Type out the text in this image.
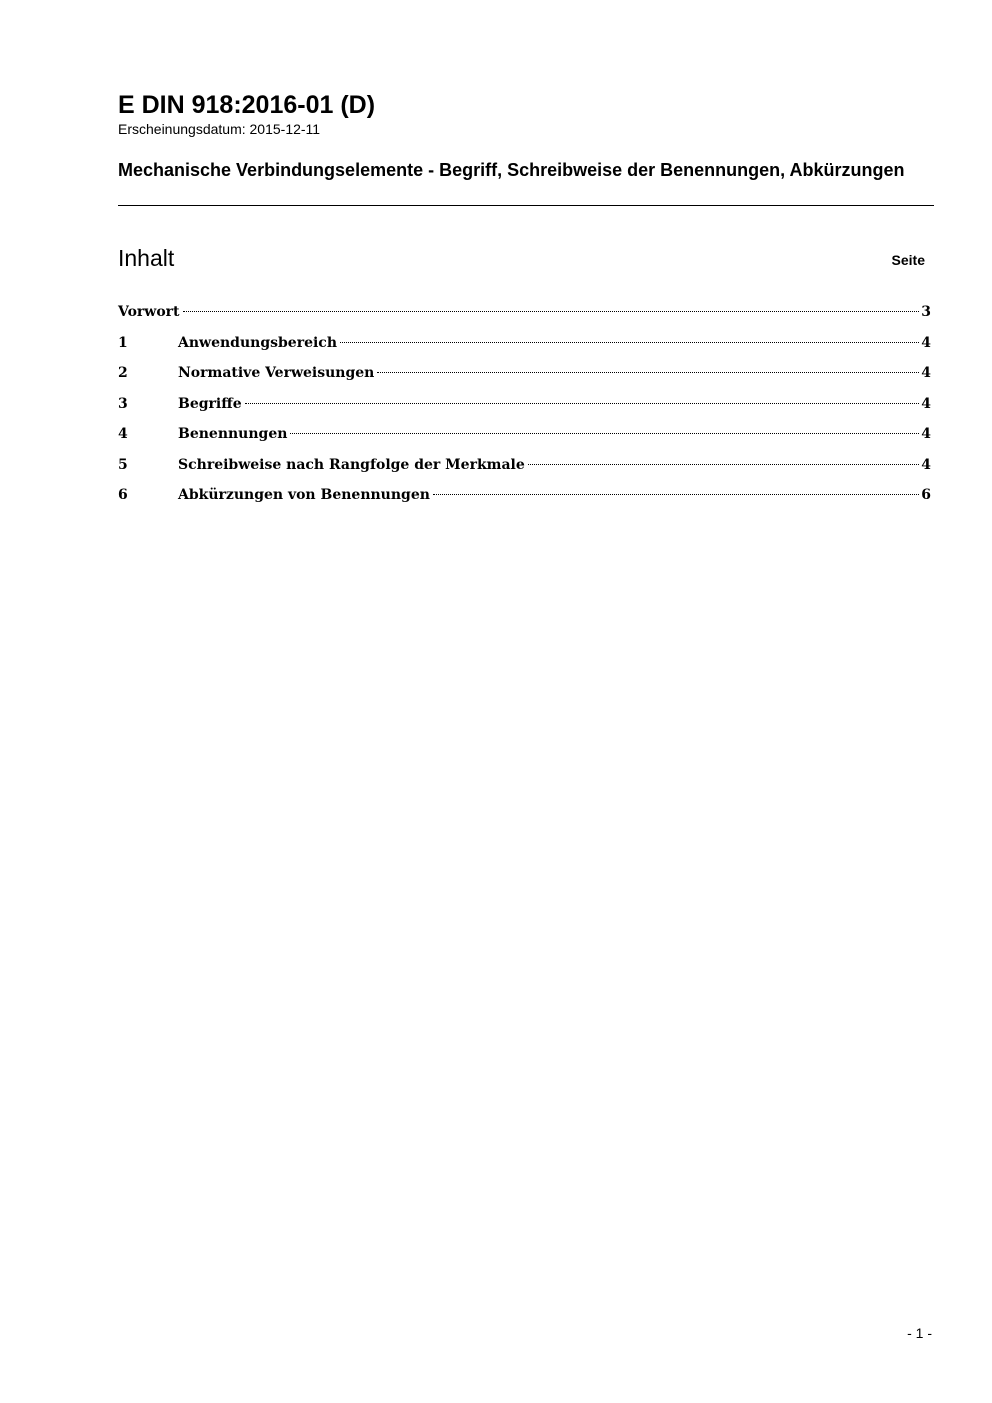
E DIN 918:2016-01 (D)
Erscheinungsdatum: 2015-12-11
Mechanische Verbindungselemente - Begriff, Schreibweise der Benennungen, Abkürzungen
Inhalt	Seite
Vorwort	3
1	Anwendungsbereich	4
2	Normative Verweisungen	4
3	Begriffe	4
4	Benennungen	4
5	Schreibweise nach Rangfolge der Merkmale	4
6	Abkürzungen von Benennungen	6
- 1 -
